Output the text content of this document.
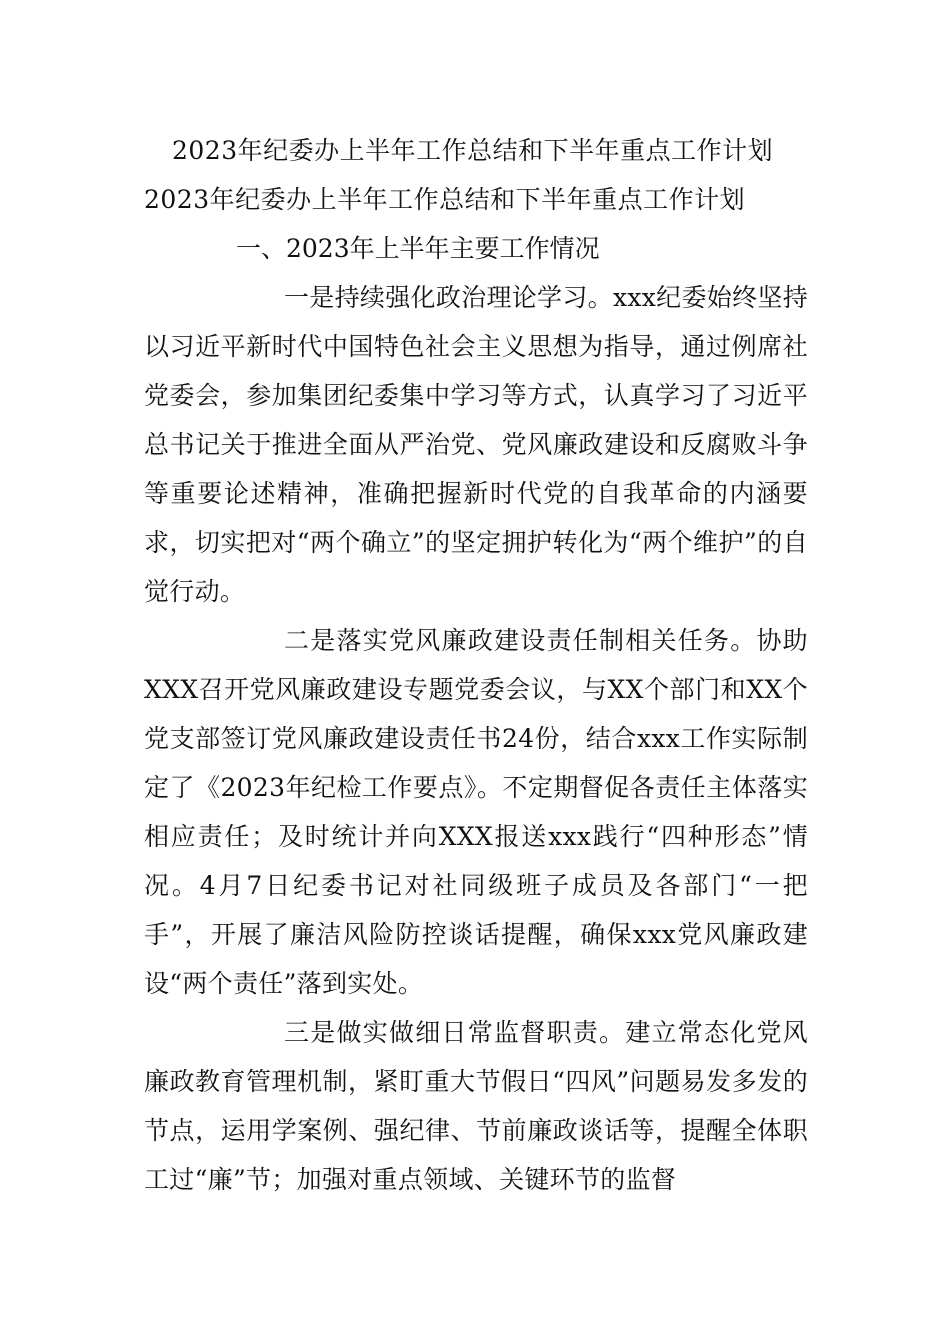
2023年纪委办上半年工作总结和下半年重点工作计划
2023年纪委办上半年工作总结和下半年重点工作计划
一、2023年上半年主要工作情况

一是持续强化政治理论学习。xxx纪委始终坚持以习近平新时代中国特色社会主义思想为指导，通过例席社党委会，参加集团纪委集中学习等方式，认真学习了习近平总书记关于推进全面从严治党、党风廉政建设和反腐败斗争等重要论述精神，准确把握新时代党的自我革命的内涵要求，切实把对“两个确立”的坚定拥护转化为“两个维护”的自觉行动。

二是落实党风廉政建设责任制相关任务。协助XXX召开党风廉政建设专题党委会议，与XX个部门和XX个党支部签订党风廉政建设责任书24份，结合xxx工作实际制定了《2023年纪检工作要点》。不定期督促各责任主体落实相应责任；及时统计并向XXX报送xxx践行“四种形态”情况。4月7日纪委书记对社同级班子成员及各部门“一把手”，开展了廉洁风险防控谈话提醒，确保xxx党风廉政建设“两个责任”落到实处。

三是做实做细日常监督职责。建立常态化党风廉政教育管理机制，紧盯重大节假日“四风”问题易发多发的节点，运用学案例、强纪律、节前廉政谈话等，提醒全体职工过“廉”节；加强对重点领域、关键环节的监督
